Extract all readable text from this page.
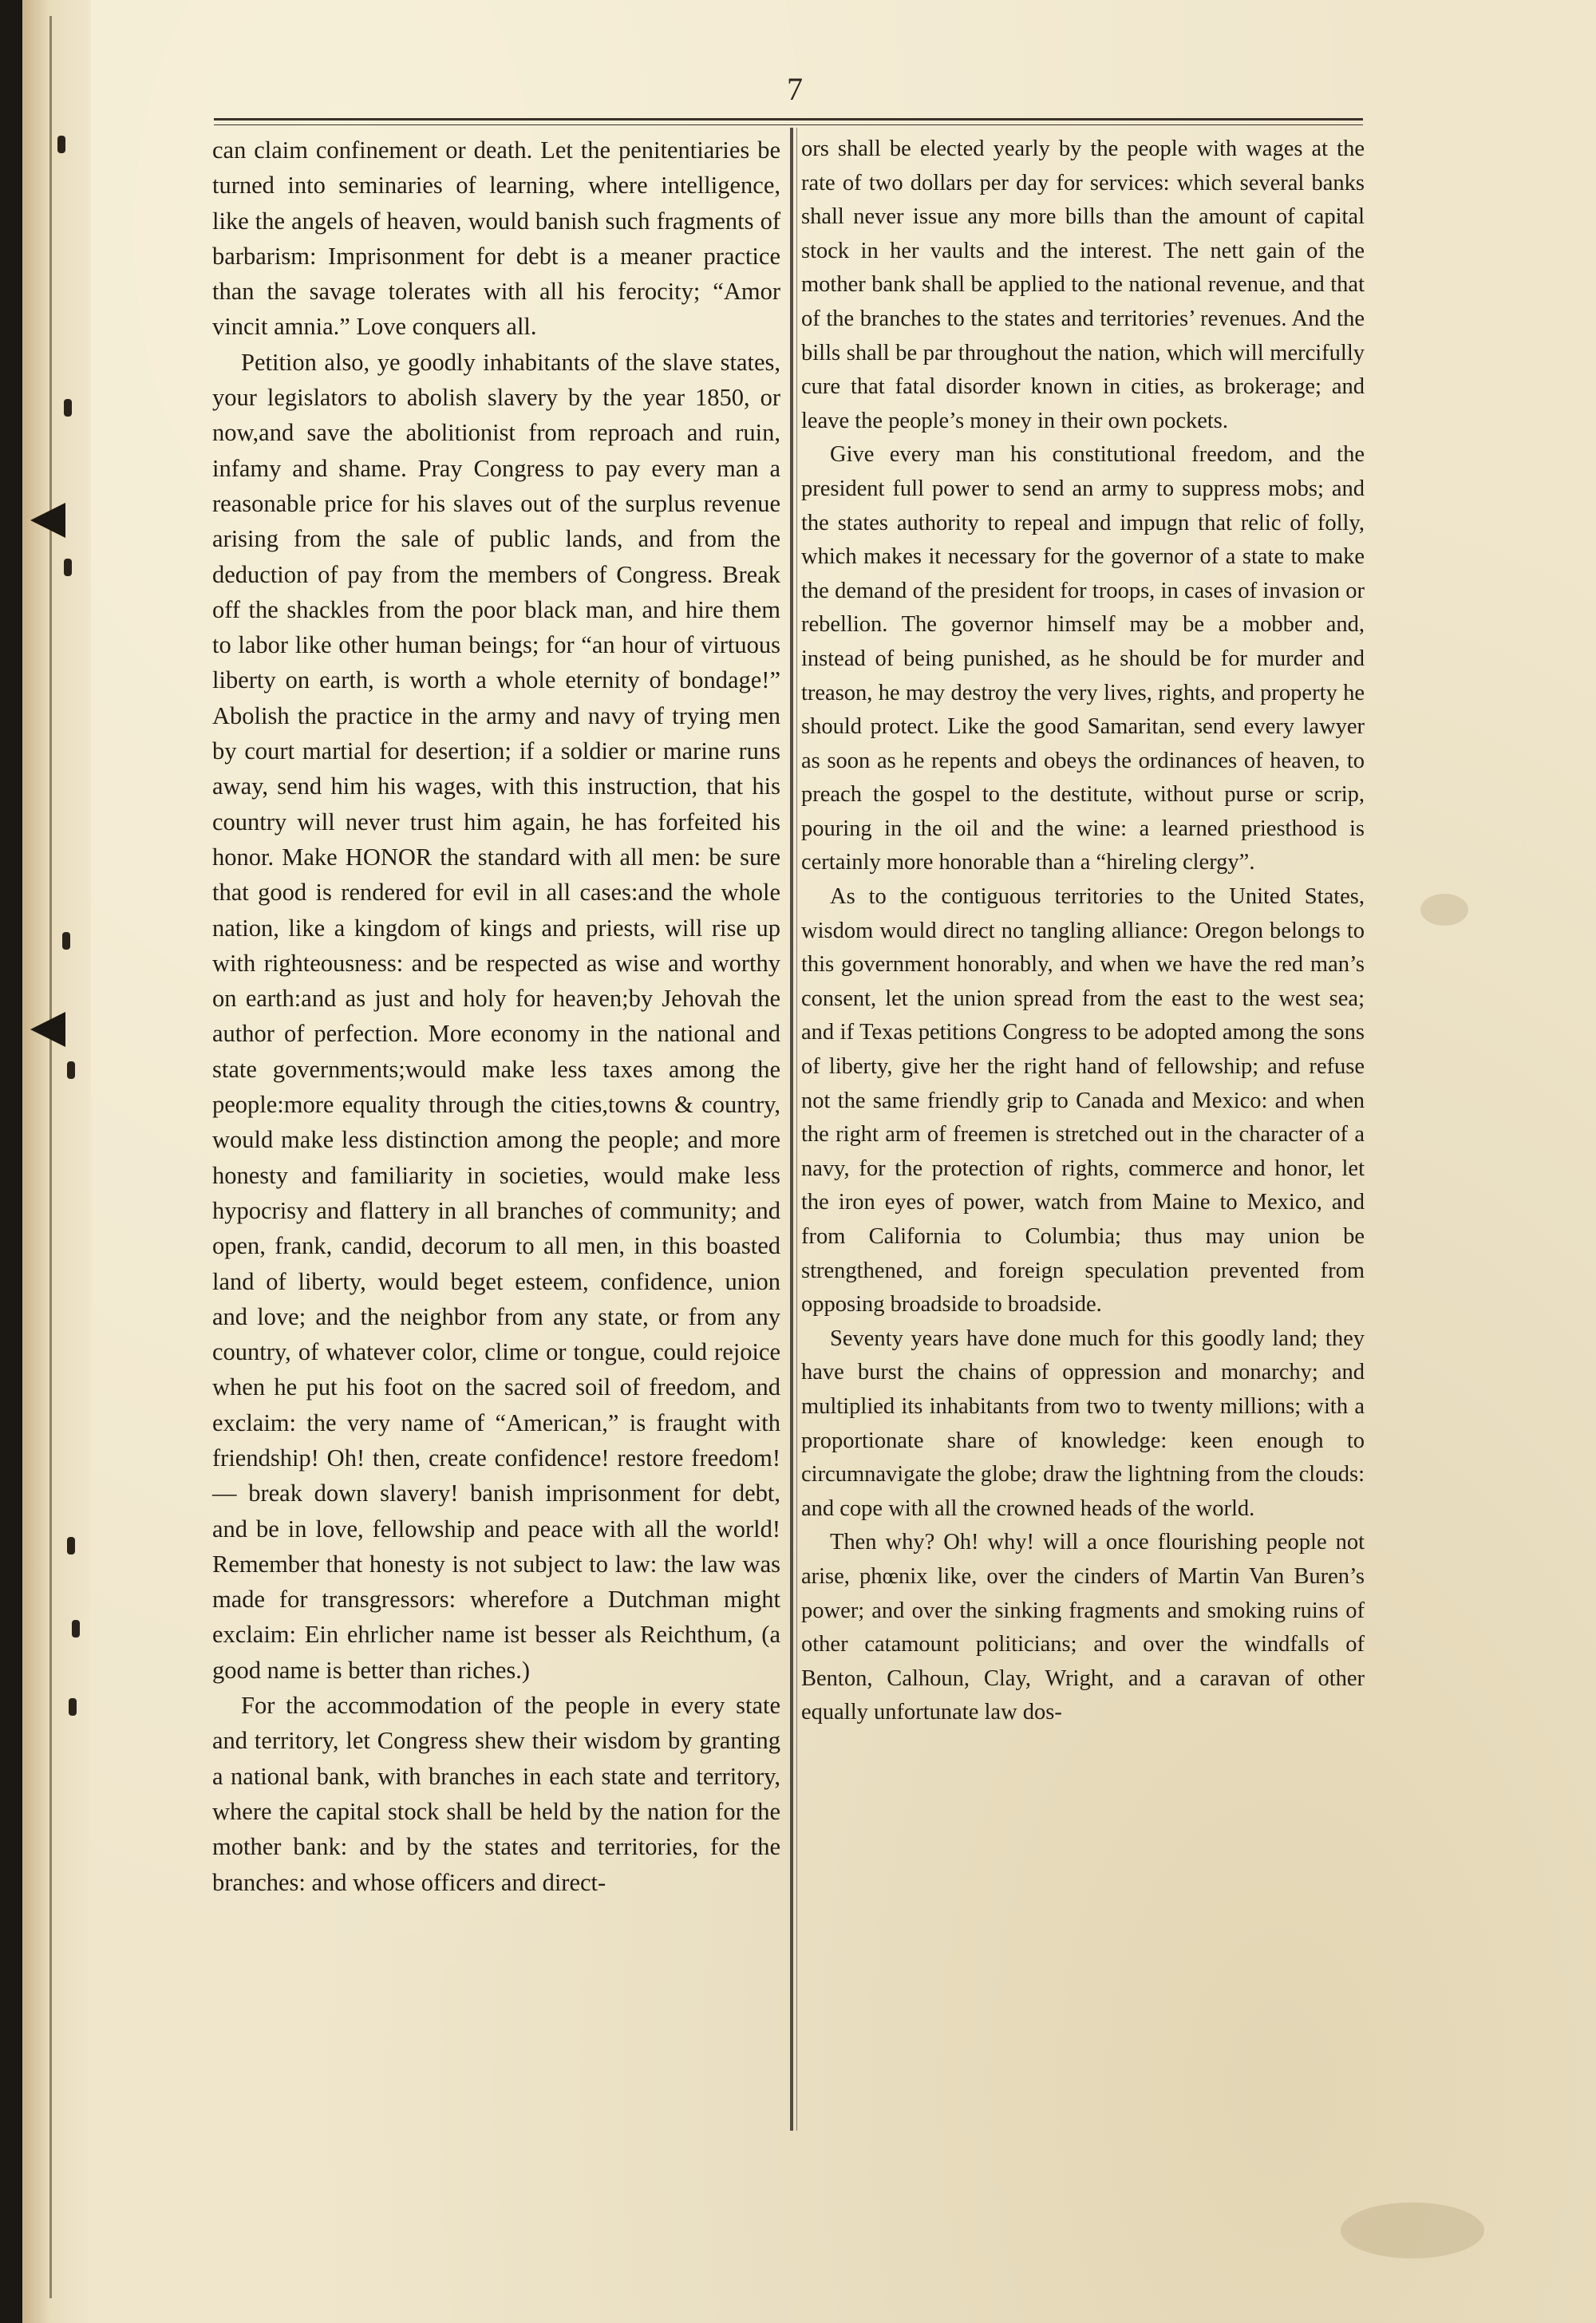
7

can claim confinement or death. Let the penitentiaries be turned into seminaries of learning, where intelligence, like the angels of heaven, would banish such fragments of barbarism: Imprisonment for debt is a meaner practice than the savage tolerates with all his ferocity; “Amor vincit amnia.” Love conquers all.

Petition also, ye goodly inhabitants of the slave states, your legislators to abolish slavery by the year 1850, or now,and save the abolitionist from reproach and ruin, infamy and shame. Pray Congress to pay every man a reasonable price for his slaves out of the surplus revenue arising from the sale of public lands, and from the deduction of pay from the members of Congress. Break off the shackles from the poor black man, and hire them to labor like other human beings; for “an hour of virtuous liberty on earth, is worth a whole eternity of bondage!” Abolish the practice in the army and navy of trying men by court martial for desertion; if a soldier or marine runs away, send him his wages, with this instruction, that his country will never trust him again, he has forfeited his honor. Make HONOR the standard with all men: be sure that good is rendered for evil in all cases:and the whole nation, like a kingdom of kings and priests, will rise up with righteousness: and be respected as wise and worthy on earth:and as just and holy for heaven;by Jehovah the author of perfection. More economy in the national and state governments;would make less taxes among the people:more equality through the cities,towns & country, would make less distinction among the people; and more honesty and familiarity in societies, would make less hypocrisy and flattery in all branches of community; and open, frank, candid, decorum to all men, in this boasted land of liberty, would beget esteem, confidence, union and love; and the neighbor from any state, or from any country, of whatever color, clime or tongue, could rejoice when he put his foot on the sacred soil of freedom, and exclaim: the very name of “American,” is fraught with friendship! Oh! then, create confidence! restore freedom!— break down slavery! banish imprisonment for debt, and be in love, fellowship and peace with all the world! Remember that honesty is not subject to law: the law was made for transgressors: wherefore a Dutchman might exclaim: Ein ehrlicher name ist besser als Reichthum, (a good name is better than riches.)

For the accommodation of the people in every state and territory, let Congress shew their wisdom by granting a national bank, with branches in each state and territory, where the capital stock shall be held by the nation for the mother bank: and by the states and territories, for the branches: and whose officers and direct-

ors shall be elected yearly by the people with wages at the rate of two dollars per day for services: which several banks shall never issue any more bills than the amount of capital stock in her vaults and the interest. The nett gain of the mother bank shall be applied to the national revenue, and that of the branches to the states and territories’ revenues. And the bills shall be par throughout the nation, which will mercifully cure that fatal disorder known in cities, as brokerage; and leave the people’s money in their own pockets.

Give every man his constitutional freedom, and the president full power to send an army to suppress mobs; and the states authority to repeal and impugn that relic of folly, which makes it necessary for the governor of a state to make the demand of the president for troops, in cases of invasion or rebellion. The governor himself may be a mobber and, instead of being punished, as he should be for murder and treason, he may destroy the very lives, rights, and property he should protect. Like the good Samaritan, send every lawyer as soon as he repents and obeys the ordinances of heaven, to preach the gospel to the destitute, without purse or scrip, pouring in the oil and the wine: a learned priesthood is certainly more honorable than a “hireling clergy”.

As to the contiguous territories to the United States, wisdom would direct no tangling alliance: Oregon belongs to this government honorably, and when we have the red man’s consent, let the union spread from the east to the west sea; and if Texas petitions Congress to be adopted among the sons of liberty, give her the right hand of fellowship; and refuse not the same friendly grip to Canada and Mexico: and when the right arm of freemen is stretched out in the character of a navy, for the protection of rights, commerce and honor, let the iron eyes of power, watch from Maine to Mexico, and from California to Columbia; thus may union be strengthened, and foreign speculation prevented from opposing broadside to broadside.

Seventy years have done much for this goodly land; they have burst the chains of oppression and monarchy; and multiplied its inhabitants from two to twenty millions; with a proportionate share of knowledge: keen enough to circumnavigate the globe; draw the lightning from the clouds: and cope with all the crowned heads of the world.

Then why? Oh! why! will a once flourishing people not arise, phœnix like, over the cinders of Martin Van Buren’s power; and over the sinking fragments and smoking ruins of other catamount politicians; and over the windfalls of Benton, Calhoun, Clay, Wright, and a caravan of other equally unfortunate law dos-
